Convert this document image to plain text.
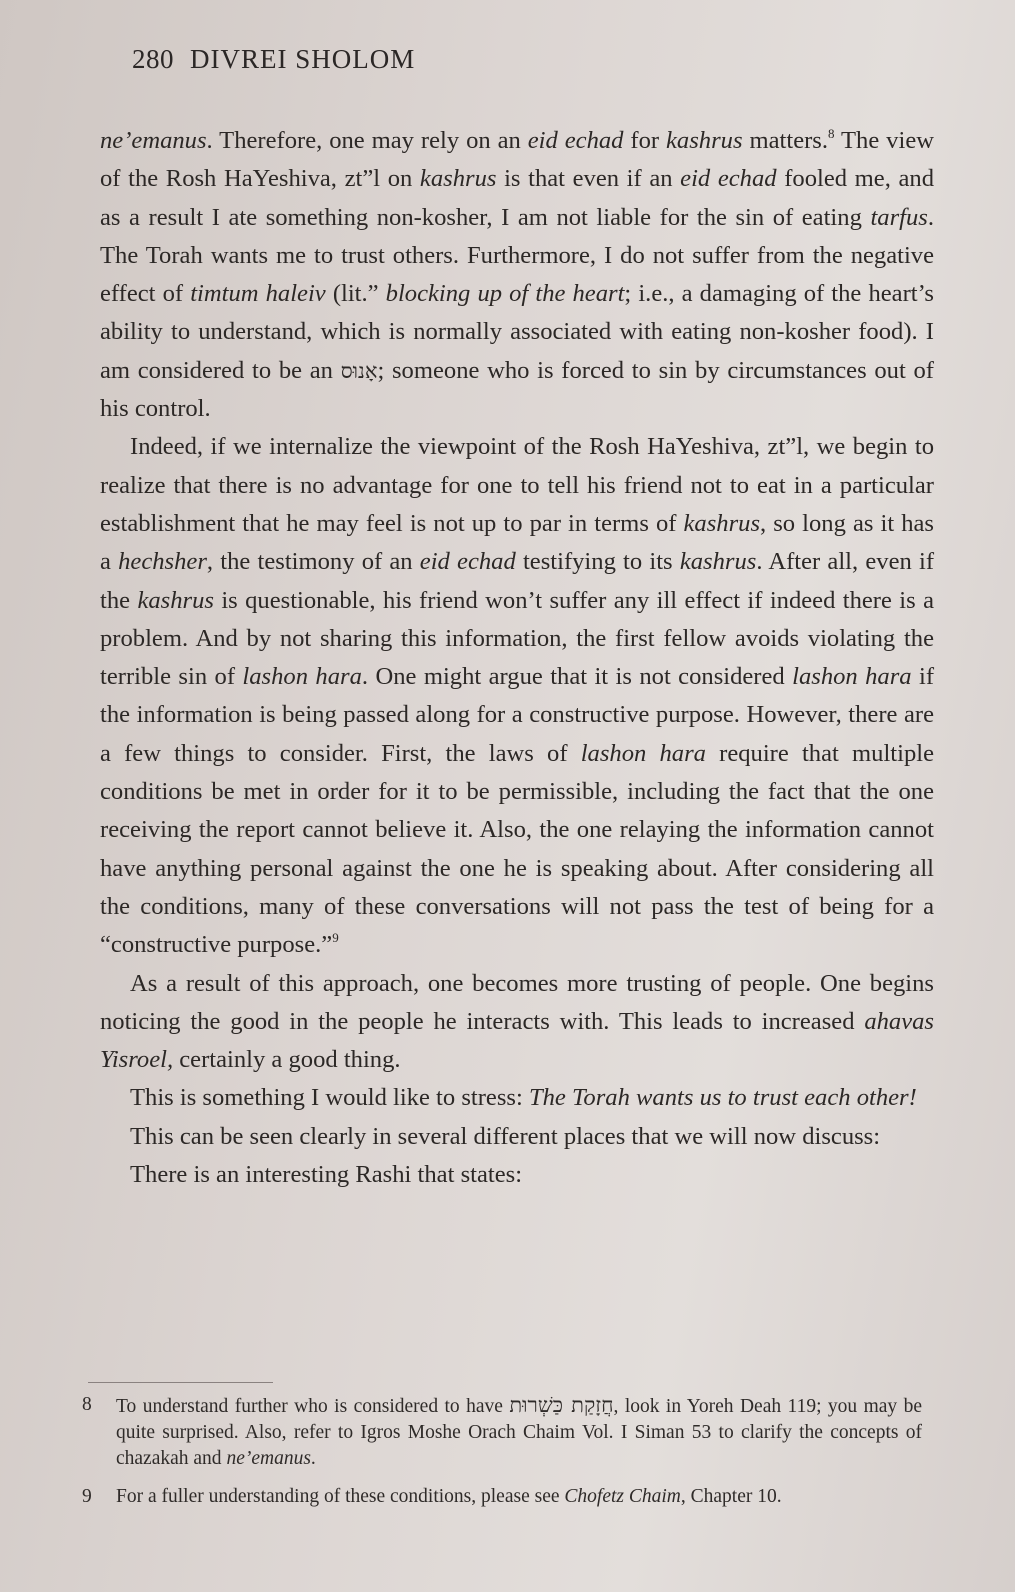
280 DIVREI SHOLOM

ne’emanus. Therefore, one may rely on an eid echad for kashrus matters.$^8$ The view of the Rosh HaYeshiva, zt”l on kashrus is that even if an eid echad fooled me, and as a result I ate something non-kosher, I am not liable for the sin of eating tarfus. The Torah wants me to trust others. Furthermore, I do not suffer from the negative effect of timtum haleiv (lit.” blocking up of the heart; i.e., a damaging of the heart’s ability to understand, which is normally associated with eating non-kosher food). I am considered to be an אָנוּס; someone who is forced to sin by circumstances out of his control.

Indeed, if we internalize the viewpoint of the Rosh HaYeshiva, zt”l, we begin to realize that there is no advantage for one to tell his friend not to eat in a particular establishment that he may feel is not up to par in terms of kashrus, so long as it has a hechsher, the testimony of an eid echad testifying to its kashrus. After all, even if the kashrus is questionable, his friend won’t suffer any ill effect if indeed there is a problem. And by not sharing this information, the first fellow avoids violating the terrible sin of lashon hara. One might argue that it is not considered lashon hara if the information is being passed along for a constructive purpose. However, there are a few things to consider. First, the laws of lashon hara require that multiple conditions be met in order for it to be permissible, including the fact that the one receiving the report cannot believe it. Also, the one relaying the information cannot have anything personal against the one he is speaking about. After considering all the conditions, many of these conversations will not pass the test of being for a “constructive purpose.”$^9$

As a result of this approach, one becomes more trusting of people. One begins noticing the good in the people he interacts with. This leads to increased ahavas Yisroel, certainly a good thing.

This is something I would like to stress: The Torah wants us to trust each other!

This can be seen clearly in several different places that we will now discuss:

There is an interesting Rashi that states:

8	To understand further who is considered to have חֲזָקַת כַּשְׁרוּת, look in Yoreh Deah 119; you may be quite surprised. Also, refer to Igros Moshe Orach Chaim Vol. I Siman 53 to clarify the concepts of chazakah and ne’emanus.
9	For a fuller understanding of these conditions, please see Chofetz Chaim, Chapter 10.
